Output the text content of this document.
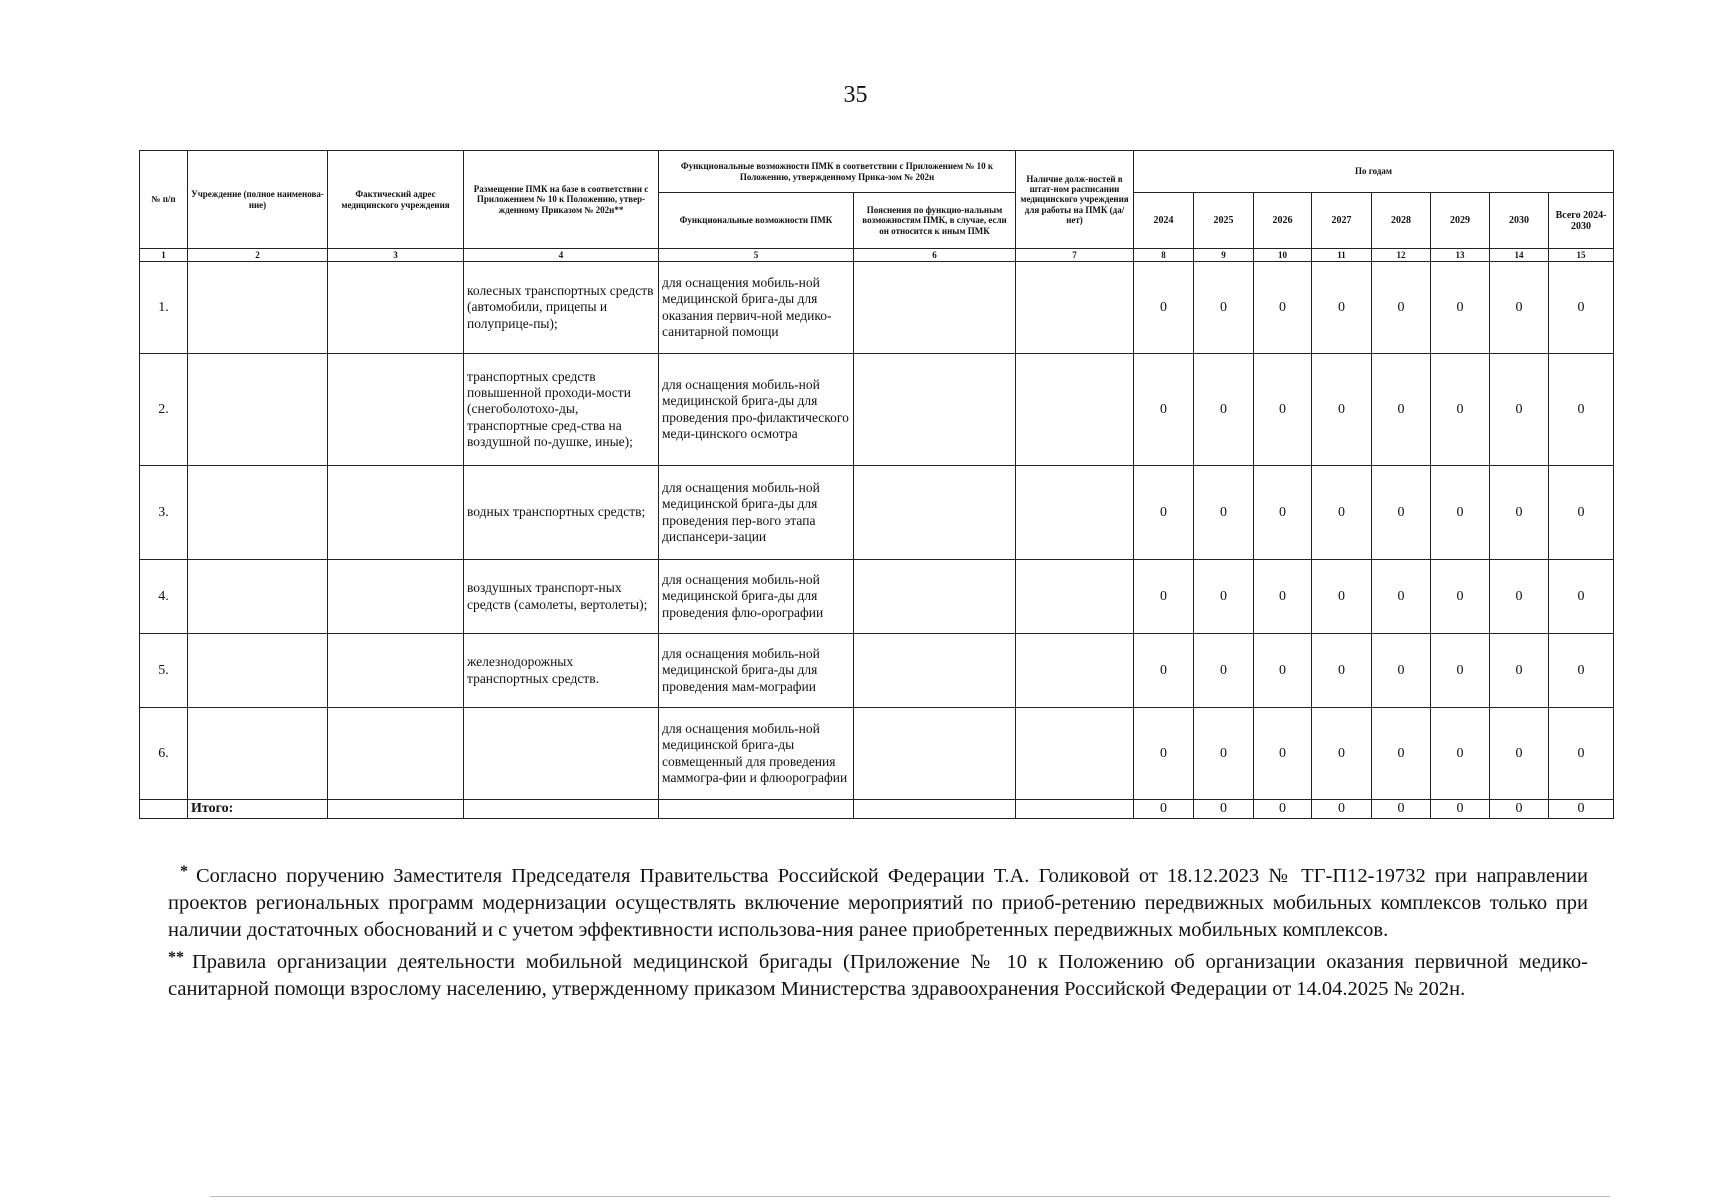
35
№ п/п	Учреждение (полное наименова-ние)	Фактический адрес медицинского учреждения	Размещение ПМК на базе в соответствии с Приложением № 10 к Положению, утвер-жденному Приказом № 202н**	Функциональные возможности ПМК в соответствии с Приложением № 10 к Положению, утвержденному Прика-зом № 202н		Наличие долж-ностей в штат-ном расписании медицинского учреждения для работы на ПМК (да/нет)	По годам							
				Функциональные возможности ПМК	Пояснения по функцио-нальным возможностям ПМК, в случае, если он относится к иным ПМК		2024	2025	2026	2027	2028	2029	2030	Всего 2024-2030
1	2	3	4	5	6	7	8	9	10	11	12	13	14	15
1.			колесных транспортных средств (автомобили, прицепы и полуприце-пы);	для оснащения мобиль-ной медицинской брига-ды для оказания первич-ной медико-санитарной помощи			0	0	0	0	0	0	0	0
2.			транспортных средств повышенной проходи-мости (снегоболотохо-ды, транспортные сред-ства на воздушной по-душке, иные);	для оснащения мобиль-ной медицинской брига-ды для проведения про-филактического меди-цинского осмотра			0	0	0	0	0	0	0	0
3.			водных транспортных средств;	для оснащения мобиль-ной медицинской брига-ды для проведения пер-вого этапа диспансери-зации			0	0	0	0	0	0	0	0
4.			воздушных транспорт-ных средств (самолеты, вертолеты);	для оснащения мобиль-ной медицинской брига-ды для проведения флю-орографии			0	0	0	0	0	0	0	0
5.			железнодорожных транспортных средств.	для оснащения мобиль-ной медицинской брига-ды для проведения мам-мографии			0	0	0	0	0	0	0	0
6.				для оснащения мобиль-ной медицинской брига-ды совмещенный для проведения маммогра-фии и флюорографии			0	0	0	0	0	0	0	0
	Итого:						0	0	0	0	0	0	0	0

* Согласно поручению Заместителя Председателя Правительства Российской Федерации Т.А. Голиковой от 18.12.2023 № ТГ-П12-19732 при направлении проектов региональных программ модернизации осуществлять включение мероприятий по приоб-ретению передвижных мобильных комплексов только при наличии достаточных обоснований и с учетом эффективности использова-ния ранее приобретенных передвижных мобильных комплексов.

** Правила организации деятельности мобильной медицинской бригады (Приложение № 10 к Положению об организации оказания первичной медико-санитарной помощи взрослому населению, утвержденному приказом Министерства здравоохранения Российской Федерации от 14.04.2025 № 202н.
